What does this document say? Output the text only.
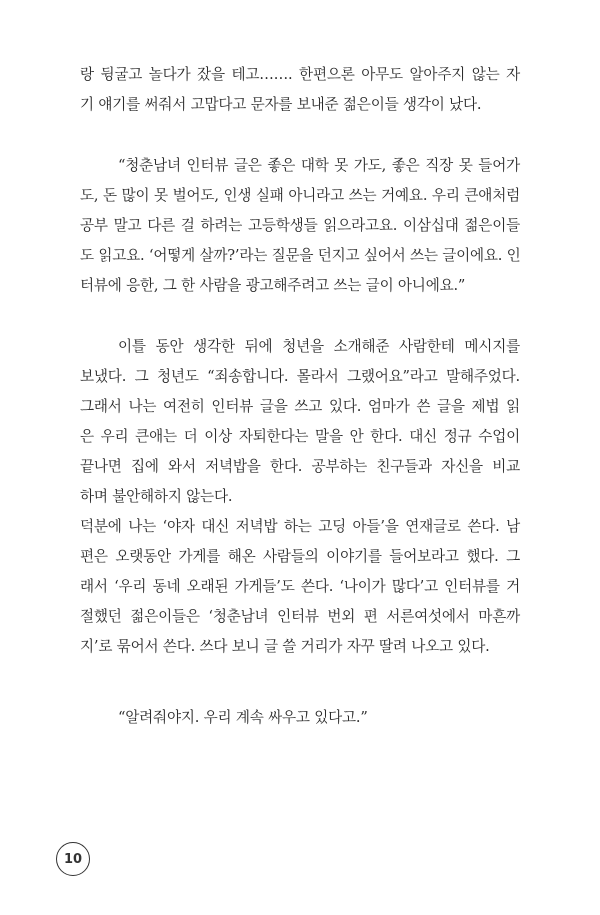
랑 뒹굴고 놀다가 잤을 테고……. 한편으론 아무도 알아주지 않는 자
기 얘기를 써줘서 고맙다고 문자를 보내준 젊은이들 생각이 났다.
“청춘남녀 인터뷰 글은 좋은 대학 못 가도, 좋은 직장 못 들어가
도, 돈 많이 못 벌어도, 인생 실패 아니라고 쓰는 거예요. 우리 큰애처럼
공부 말고 다른 걸 하려는 고등학생들 읽으라고요. 이삼십대 젊은이들
도 읽고요. ‘어떻게 살까?’라는 질문을 던지고 싶어서 쓰는 글이에요. 인
터뷰에 응한, 그 한 사람을 광고해주려고 쓰는 글이 아니에요.”
이틀 동안 생각한 뒤에 청년을 소개해준 사람한테 메시지를
보냈다. 그 청년도 “죄송합니다. 몰라서 그랬어요”라고 말해주었다.
그래서 나는 여전히 인터뷰 글을 쓰고 있다. 엄마가 쓴 글을 제법 읽
은 우리 큰애는 더 이상 자퇴한다는 말을 안 한다. 대신 정규 수업이
끝나면 집에 와서 저녁밥을 한다. 공부하는 친구들과 자신을 비교
하며 불안해하지 않는다.
덕분에 나는 ‘야자 대신 저녁밥 하는 고딩 아들’을 연재글로 쓴다. 남
편은 오랫동안 가게를 해온 사람들의 이야기를 들어보라고 했다. 그
래서 ‘우리 동네 오래된 가게들’도 쓴다. ‘나이가 많다’고 인터뷰를 거
절했던 젊은이들은 ‘청춘남녀 인터뷰 번외 편 서른여섯에서 마흔까
지’로 묶어서 쓴다. 쓰다 보니 글 쓸 거리가 자꾸 딸려 나오고 있다.
“알려줘야지. 우리 계속 싸우고 있다고.”
10
